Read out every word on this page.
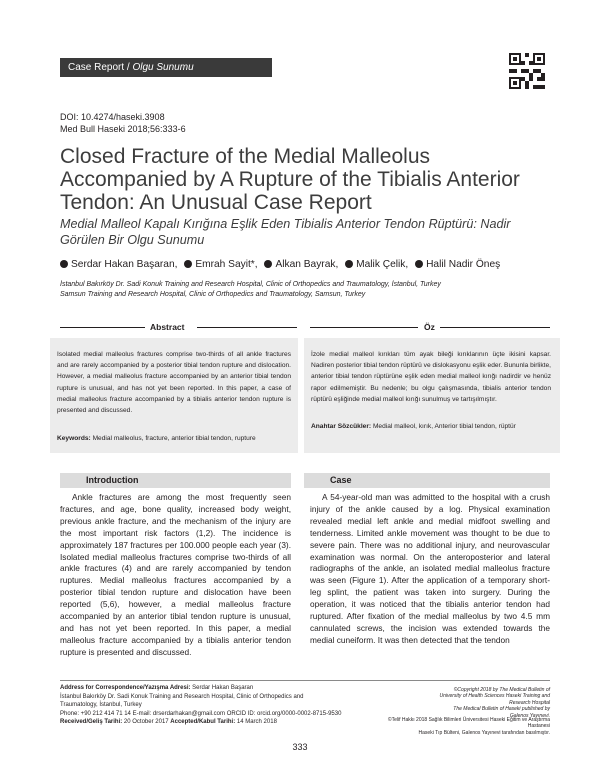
Case Report / Olgu Sunumu
DOI: 10.4274/haseki.3908
Med Bull Haseki 2018;56:333-6
Closed Fracture of the Medial Malleolus Accompanied by A Rupture of the Tibialis Anterior Tendon: An Unusual Case Report
Medial Malleol Kapalı Kırığına Eşlik Eden Tibialis Anterior Tendon Rüptürü: Nadir Görülen Bir Olgu Sunumu
Serdar Hakan Başaran, Emrah Sayit*, Alkan Bayrak, Malik Çelik, Halil Nadir Öneş
İstanbul Bakırköy Dr. Sadi Konuk Training and Research Hospital, Clinic of Orthopedics and Traumatology, İstanbul, Turkey
Samsun Training and Research Hospital, Clinic of Orthopedics and Traumatology, Samsun, Turkey
Abstract	Öz
Isolated medial malleolus fractures comprise two-thirds of all ankle fractures and are rarely accompanied by a posterior tibial tendon rupture and dislocation. However, a medial malleolus fracture accompanied by an anterior tibial tendon rupture is unusual, and has not yet been reported. In this paper, a case of medial malleolus fracture accompanied by a tibialis anterior tendon rupture is presented and discussed.
Keywords: Medial malleolus, fracture, anterior tibial tendon, rupture
İzole medial malleol kırıkları tüm ayak bileği kırıklarının üçte ikisini kapsar. Nadiren posterior tibial tendon rüptürü ve dislokasyonu eşlik eder. Bununla birlikte, anterior tibial tendon rüptürüne eşlik eden medial malleol kırığı nadirdir ve henüz rapor edilmemiştir. Bu nedenle; bu olgu çalışmasında, tibialis anterior tendon rüptürü eşliğinde medial malleol kırığı sunulmuş ve tartışılmıştır.
Anahtar Sözcükler: Medial malleol, kırık, Anterior tibial tendon, rüptür
Introduction	Case
Ankle fractures are among the most frequently seen fractures, and age, bone quality, increased body weight, previous ankle fracture, and the mechanism of the injury are the most important risk factors (1,2). The incidence is approximately 187 fractures per 100.000 people each year (3). Isolated medial malleolus fractures comprise two-thirds of all ankle fractures (4) and are rarely accompanied by tendon ruptures. Medial malleolus fractures accompanied by a posterior tibial tendon rupture and dislocation have been reported (5,6), however, a medial malleolus fracture accompanied by an anterior tibial tendon rupture is unusual, and has not yet been reported. In this paper, a medial malleolus fracture accompanied by a tibialis anterior tendon rupture is presented and discussed.
A 54-year-old man was admitted to the hospital with a crush injury of the ankle caused by a log. Physical examination revealed medial left ankle and medial midfoot swelling and tenderness. Limited ankle movement was thought to be due to severe pain. There was no additional injury, and neurovascular examination was normal. On the anteroposterior and lateral radiographs of the ankle, an isolated medial malleolus fracture was seen (Figure 1). After the application of a temporary short-leg splint, the patient was taken into surgery. During the operation, it was noticed that the tibialis anterior tendon had ruptured. After fixation of the medial malleolus by two 4.5 mm cannulated screws, the incision was extended towards the medial cuneiform. It was then detected that the tendon
Address for Correspondence/Yazışma Adresi: Serdar Hakan Başaran
İstanbul Bakırköy Dr. Sadi Konuk Training and Research Hospital, Clinic of Orthopedics and
Traumatology, İstanbul, Turkey
Phone: +90 212 414 71 14 E-mail: drserdarhakan@gmail.com ORCID ID: orcid.org/0000-0002-8715-9530
Received/Geliş Tarihi: 20 October 2017 Accepted/Kabul Tarihi: 14 March 2018
©Copyright 2018 by The Medical Bulletin of
University of Health Sciences Haseki Training and
Research Hospital
The Medical Bulletin of Haseki published by
Galenos Yayınevi.
©Telif Hakkı 2018 Sağlık Bilimleri Üniversitesi Haseki Eğitim ve Araştırma Hastanesi
Haseki Tıp Bülteni, Galenos Yayınevi tarafından basılmıştır.
333
